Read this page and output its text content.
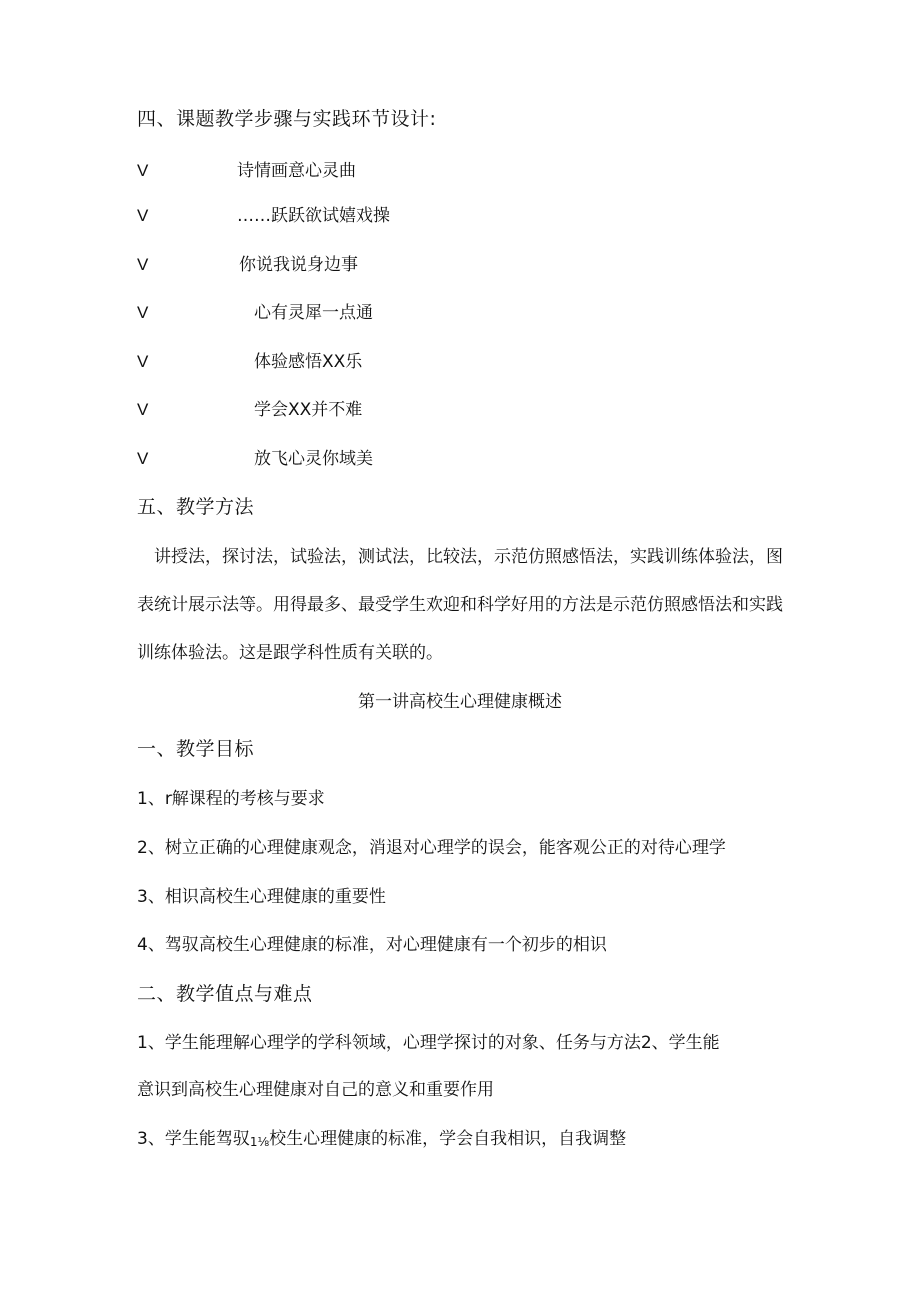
四、课题教学步骤与实践环节设计:
V	诗情画意心灵曲
V	……跃跃欲试嬉戏操
V	你说我说身边事
V	心有灵犀一点通
V	体验感悟XX乐
V	学会XX并不难
V	放飞心灵你域美
五、教学方法
讲授法，探讨法，试验法，测试法，比较法，示范仿照感悟法，实践训练体验法，图表统计展示法等。用得最多、最受学生欢迎和科学好用的方法是示范仿照感悟法和实践训练体验法。这是跟学科性质有关联的。
第一讲高校生心理健康概述
一、教学目标
1、r解课程的考核与要求
2、树立正确的心理健康观念，消退对心理学的误会，能客观公正的对待心理学
3、相识高校生心理健康的重要性
4、驾驭高校生心理健康的标准，对心理健康有一个初步的相识
二、教学值点与难点
1、学生能理解心理学的学科领域，心理学探讨的对象、任务与方法2、学生能
意识到高校生心理健康对自己的意义和重要作用
3、学生能驾驭1⅛校生心理健康的标准，学会自我相识，自我调整
